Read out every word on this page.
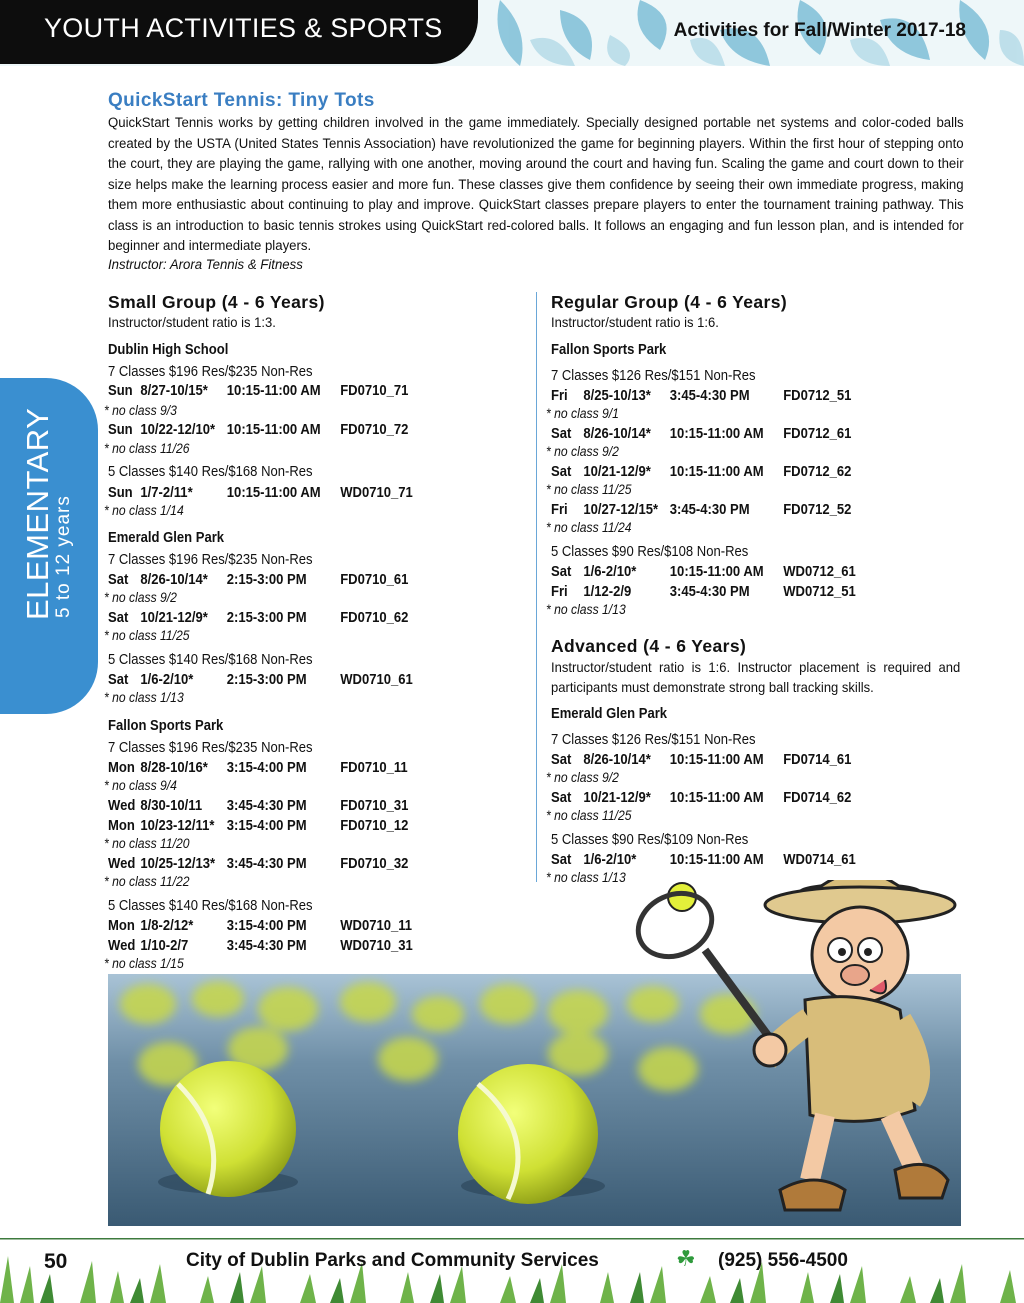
YOUTH ACTIVITIES & SPORTS	Activities for Fall/Winter 2017-18
ELEMENTARY
5 to 12 years
QuickStart Tennis: Tiny Tots
QuickStart Tennis works by getting children involved in the game immediately. Specially designed portable net systems and color-coded balls created by the USTA (United States Tennis Association) have revolutionized the game for beginning players. Within the first hour of stepping onto the court, they are playing the game, rallying with one another, moving around the court and having fun. Scaling the game and court down to their size helps make the learning process easier and more fun. These classes give them confidence by seeing their own immediate progress, making them more enthusiastic about continuing to play and improve. QuickStart classes prepare players to enter the tournament training pathway. This class is an introduction to basic tennis strokes using QuickStart red-colored balls. It follows an engaging and fun lesson plan, and is intended for beginner and intermediate players.
Instructor: Arora Tennis & Fitness
Small Group (4 - 6 Years)
Instructor/student ratio is 1:3.
Dublin High School
7 Classes $196 Res/$235 Non-Res
Sun 8/27-10/15* 10:15-11:00 AM FD0710_71
* no class 9/3
Sun 10/22-12/10* 10:15-11:00 AM FD0710_72
* no class 11/26
5 Classes $140 Res/$168 Non-Res
Sun 1/7-2/11* 10:15-11:00 AM WD0710_71
* no class 1/14
Emerald Glen Park
7 Classes $196 Res/$235 Non-Res
Sat 8/26-10/14* 2:15-3:00 PM FD0710_61
* no class 9/2
Sat 10/21-12/9* 2:15-3:00 PM FD0710_62
* no class 11/25
5 Classes $140 Res/$168 Non-Res
Sat 1/6-2/10* 2:15-3:00 PM WD0710_61
* no class 1/13
Fallon Sports Park
7 Classes $196 Res/$235 Non-Res
Mon 8/28-10/16* 3:15-4:00 PM FD0710_11
* no class 9/4
Wed 8/30-10/11 3:45-4:30 PM FD0710_31
Mon 10/23-12/11* 3:15-4:00 PM FD0710_12
* no class 11/20
Wed 10/25-12/13* 3:45-4:30 PM FD0710_32
* no class 11/22
5 Classes $140 Res/$168 Non-Res
Mon 1/8-2/12* 3:15-4:00 PM WD0710_11
Wed 1/10-2/7	3:45-4:30 PM WD0710_31
* no class 1/15
Regular Group (4 - 6 Years)
Instructor/student ratio is 1:6.
Fallon Sports Park
7 Classes $126 Res/$151 Non-Res
Fri 8/25-10/13* 3:45-4:30 PM FD0712_51
* no class 9/1
Sat 8/26-10/14* 10:15-11:00 AM FD0712_61
* no class 9/2
Sat 10/21-12/9* 10:15-11:00 AM FD0712_62
* no class 11/25
Fri 10/27-12/15* 3:45-4:30 PM FD0712_52
* no class 11/24
5 Classes $90 Res/$108 Non-Res
Sat 1/6-2/10* 10:15-11:00 AM WD0712_61
Fri 1/12-2/9	3:45-4:30 PM WD0712_51
* no class 1/13
Advanced (4 - 6 Years)
Instructor/student ratio is 1:6. Instructor placement is required and participants must demonstrate strong ball tracking skills.
Emerald Glen Park
7 Classes $126 Res/$151 Non-Res
Sat 8/26-10/14* 10:15-11:00 AM FD0714_61
* no class 9/2
Sat 10/21-12/9* 10:15-11:00 AM FD0714_62
* no class 11/25
5 Classes $90 Res/$109 Non-Res
Sat 1/6-2/10* 10:15-11:00 AM WD0714_61
* no class 1/13
50	City of Dublin Parks and Community Services	☘ (925) 556-4500
